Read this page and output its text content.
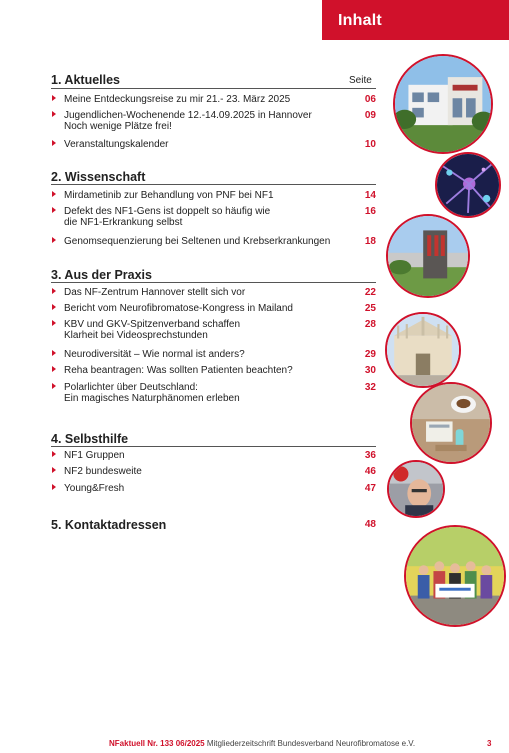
Inhalt
Seite
1. Aktuelles
Meine Entdeckungsreise zu mir 21.- 23. März 2025	06
Jugendlichen-Wochenende 12.-14.09.2025 in Hannover
Noch wenige Plätze frei!
09
Veranstaltungskalender	10
2. Wissenschaft
Mirdametinib zur Behandlung von PNF bei NF1	14
Defekt des NF1-Gens ist doppelt so häufig wie
die NF1-Erkrankung selbst
16
Genomsequenzierung bei Seltenen und Krebserkrankungen	18
3. Aus der Praxis
Das NF-Zentrum Hannover stellt sich vor	22
Bericht vom Neurofibromatose-Kongress in Mailand	25
KBV und GKV-Spitzenverband schaffen
Klarheit bei Videosprechstunden
28
Neurodiversität – Wie normal ist anders?	29
Reha beantragen: Was sollten Patienten beachten?	30
Polarlichter über Deutschland:
Ein magisches Naturphänomen erleben
32
4. Selbsthilfe
NF1 Gruppen	36
NF2 bundesweite	46
Young&Fresh	47
5. Kontaktadressen	48
NFaktuell Nr. 133 06/2025 Mitgliederzeitschrift Bundesverband Neurofibromatose e.V.	3
